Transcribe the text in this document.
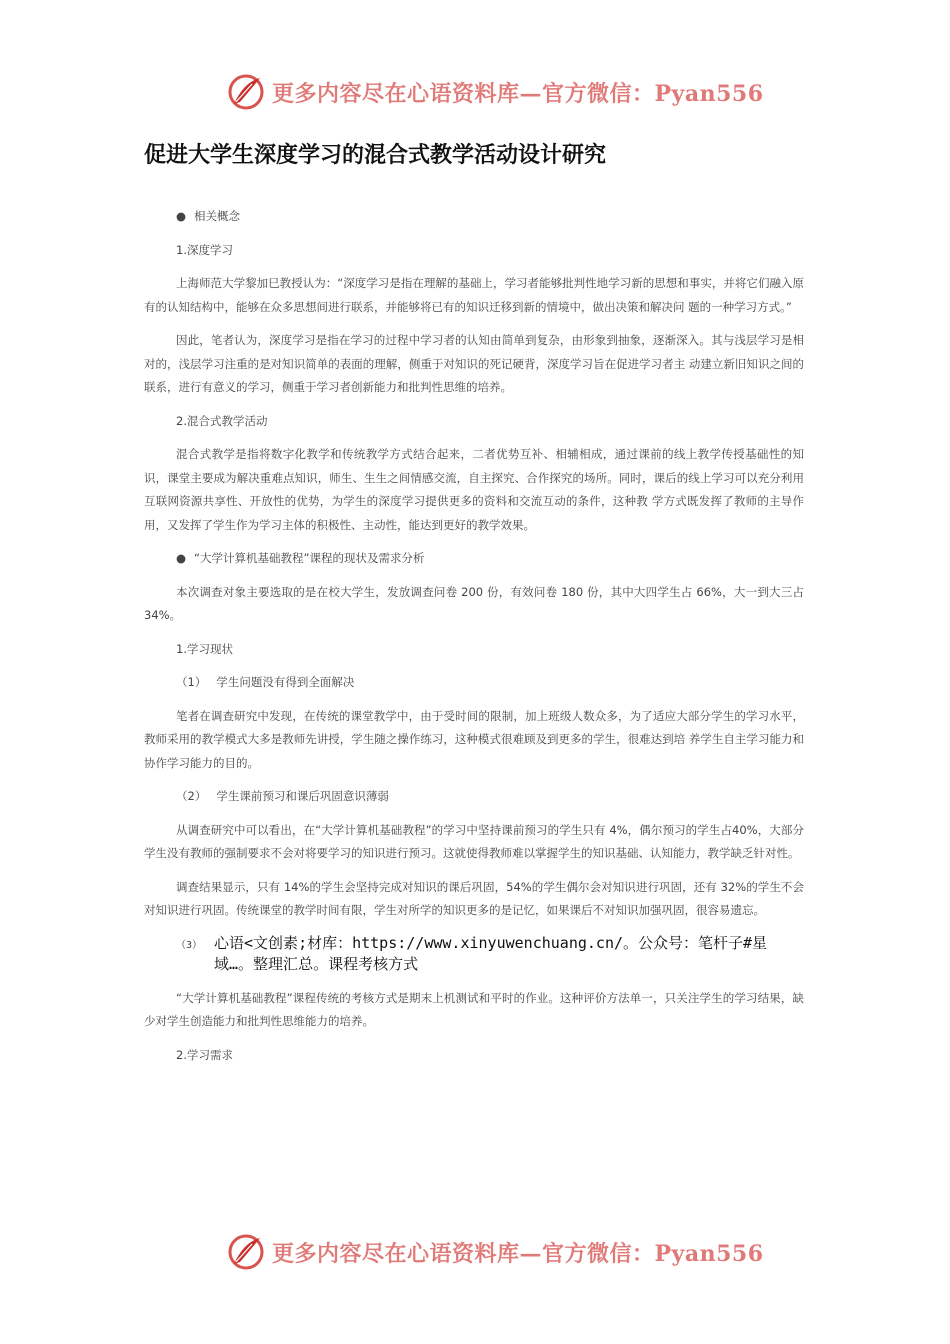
更多内容尽在心语资料库—官方微信：Pyan556
促进大学生深度学习的混合式教学活动设计研究

● 相关概念

1.深度学习

上海师范大学黎加巳教授认为：“深度学习是指在理解的基础上，学习者能够批判性地学习新的思想和事实，并将它们融入原有的认知结构中，能够在众多思想间进行联系，并能够将已有的知识迁移到新的情境中，做出决策和解决问 题的一种学习方式。”

因此，笔者认为，深度学习是指在学习的过程中学习者的认知由简单到复杂，由形象到抽象，逐渐深入。其与浅层学习是相对的，浅层学习注重的是对知识简单的表面的理解，侧重于对知识的死记硬背，深度学习旨在促进学习者主 动建立新旧知识之间的联系，进行有意义的学习，侧重于学习者创新能力和批判性思维的培养。

2.混合式教学活动

混合式教学是指将数字化教学和传统教学方式结合起来，二者优势互补、相辅相成，通过课前的线上教学传授基础性的知识，课堂主要成为解决重难点知识，师生、生生之间情感交流，自主探究、合作探究的场所。同时，课后的线上学习可以充分利用互联网资源共享性、开放性的优势，为学生的深度学习提供更多的资料和交流互动的条件，这种教 学方式既发挥了教师的主导作用，又发挥了学生作为学习主体的积极性、主动性，能达到更好的教学效果。

● “大学计算机基础教程”课程的现状及需求分析

本次调查对象主要选取的是在校大学生，发放调查问卷 200 份，有效问卷 180 份，其中大四学生占 66%，大一到大三占 34%。

1.学习现状

（1） 学生问题没有得到全面解决

笔者在调查研究中发现，在传统的课堂教学中，由于受时间的限制，加上班级人数众多，为了适应大部分学生的学习水平，教师采用的教学模式大多是教师先讲授，学生随之操作练习，这种模式很难顾及到更多的学生，很难达到培 养学生自主学习能力和协作学习能力的目的。

（2） 学生课前预习和课后巩固意识薄弱

从调查研究中可以看出，在“大学计算机基础教程”的学习中坚持课前预习的学生只有 4%，偶尔预习的学生占40%，大部分学生没有教师的强制要求不会对将要学习的知识进行预习。这就使得教师难以掌握学生的知识基础、认知能力，教学缺乏针对性。

调查结果显示，只有 14%的学生会坚持完成对知识的课后巩固，54%的学生偶尔会对知识进行巩固，还有 32%的学生不会对知识进行巩固。传统课堂的教学时间有限，学生对所学的知识更多的是记忆，如果课后不对知识加强巩固，很容易遗忘。

（3） 心语<文创素;材库：https://www.xinyuwenchuang.cn/。公众号：笔杆子#星域…。整理汇总。课程考核方式

“大学计算机基础教程”课程传统的考核方式是期末上机测试和平时的作业。这种评价方法单一，只关注学生的学习结果，缺少对学生创造能力和批判性思维能力的培养。

2.学习需求

更多内容尽在心语资料库—官方微信：Pyan556
